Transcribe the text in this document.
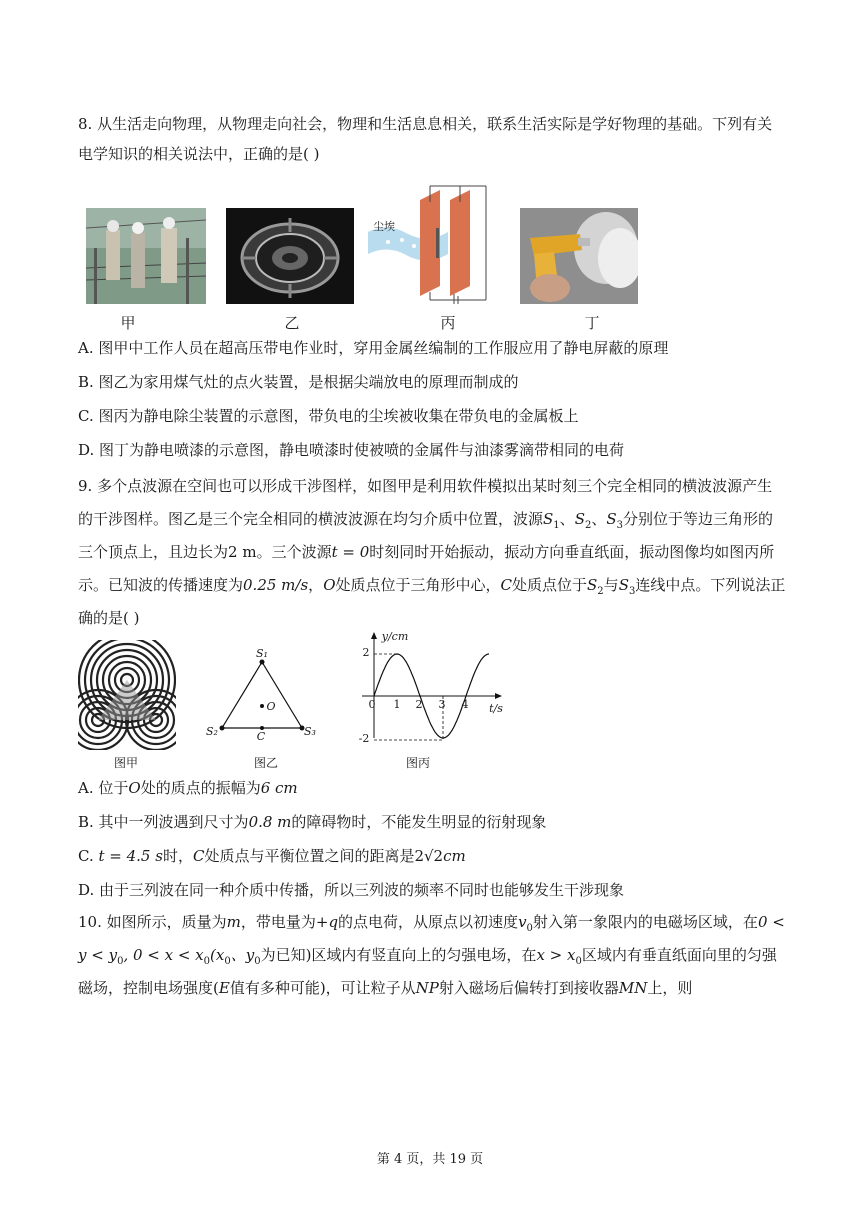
8. 从生活走向物理，从物理走向社会，物理和生活息息相关，联系生活实际是学好物理的基础。下列有关
电学知识的相关说法中，正确的是( )
尘埃
甲	乙	丙	丁
A. 图甲中工作人员在超高压带电作业时，穿用金属丝编制的工作服应用了静电屏蔽的原理
B. 图乙为家用煤气灶的点火装置，是根据尖端放电的原理而制成的
C. 图丙为静电除尘装置的示意图，带负电的尘埃被收集在带负电的金属板上
D. 图丁为静电喷漆的示意图，静电喷漆时使被喷的金属件与油漆雾滴带相同的电荷
9. 多个点波源在空间也可以形成干涉图样，如图甲是利用软件模拟出某时刻三个完全相同的横波波源产生
的干涉图样。图乙是三个完全相同的横波波源在均匀介质中位置，波源$S_1$、$S_2$、$S_3$分别位于等边三角形的
三个顶点上，且边长为2 m。三个波源t = 0时刻同时开始振动，振动方向垂直纸面，振动图像均如图丙所
示。已知波的传播速度为0.25 m/s，O处质点位于三角形中心，C处质点位于$S_2$与$S_3$连线中点。下列说法正
确的是( )
S₁
S₂	S₃
O
C
y/cm
t/s
2
-2
0 1 2 3 4
图甲	图乙	图丙
A. 位于O处的质点的振幅为6 cm
B. 其中一列波遇到尺寸为0.8 m的障碍物时，不能发生明显的衍射现象
C. t = 4.5 s时，C处质点与平衡位置之间的距离是2√2cm
D. 由于三列波在同一种介质中传播，所以三列波的频率不同时也能够发生干涉现象
10. 如图所示，质量为m，带电量为+q的点电荷，从原点以初速度$v_0$射入第一象限内的电磁场区域，在0 <
$y < y_0$, $0 < x < x_0(x_0$、$y_0$为已知)区域内有竖直向上的匀强电场，在$x > x_0$区域内有垂直纸面向里的匀强
磁场，控制电场强度(E值有多种可能)，可让粒子从NP射入磁场后偏转打到接收器MN上，则
第 4 页，共 19 页
